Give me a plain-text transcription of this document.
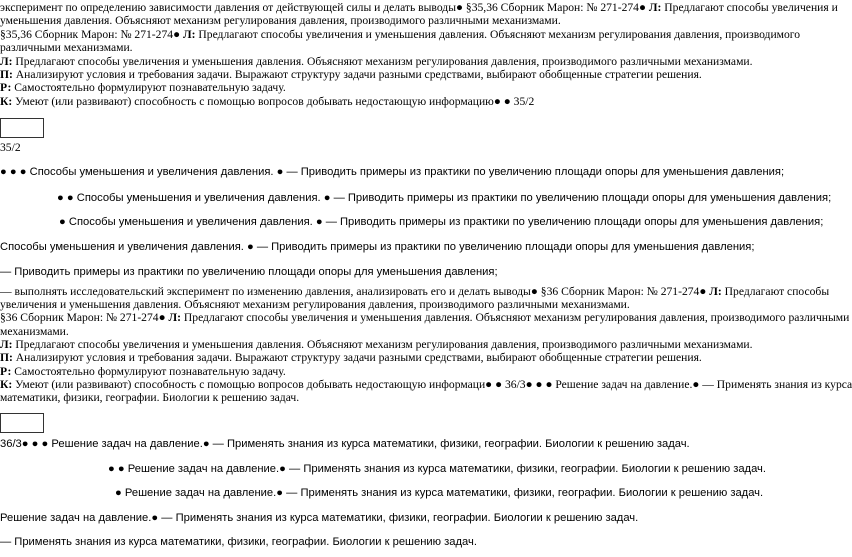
эксперимент по определению зависимости давления от действующей силы и делать выводы● §35,36 Сборник Марон: № 271-274● Л: Предлагают способы увеличения и
уменьшения давления. Объясняют механизм регулирования давления, производимого различными механизмами.
§35,36 Сборник Марон: № 271-274● Л: Предлагают способы увеличения и уменьшения давления. Объясняют механизм регулирования давления, производимого
различными механизмами.
Л: Предлагают способы увеличения и уменьшения давления. Объясняют механизм регулирования давления, производимого различными механизмами.
П: Анализируют условия и требования задачи. Выражают структуру задачи разными средствами, выбирают обобщенные стратегии решения.
Р: Самостоятельно формулируют познавательную задачу.
К: Умеют (или развивают) способность с помощью вопросов добывать недостающую информацию● ● 35/2
35/2
● ● ● Способы уменьшения и увеличения давления. ● — Приводить примеры из практики по увеличению площади опоры для уменьшения давления;
● ● Способы уменьшения и увеличения давления. ● — Приводить примеры из практики по увеличению площади опоры для уменьшения давления;
● Способы уменьшения и увеличения давления. ● — Приводить примеры из практики по увеличению площади опоры для уменьшения давления;
Способы уменьшения и увеличения давления. ● — Приводить примеры из практики по увеличению площади опоры для уменьшения давления;
— Приводить примеры из практики по увеличению площади опоры для уменьшения давления;
— выполнять исследовательский эксперимент по изменению давления, анализировать его и делать выводы● §36 Сборник Марон: № 271-274● Л: Предлагают способы
увеличения и уменьшения давления. Объясняют механизм регулирования давления, производимого различными механизмами.
§36 Сборник Марон: № 271-274● Л: Предлагают способы увеличения и уменьшения давления. Объясняют механизм регулирования давления, производимого различными
механизмами.
Л: Предлагают способы увеличения и уменьшения давления. Объясняют механизм регулирования давления, производимого различными механизмами.
П: Анализируют условия и требования задачи. Выражают структуру задачи разными средствами, выбирают обобщенные стратегии решения.
Р: Самостоятельно формулируют познавательную задачу.
К: Умеют (или развивают) способность с помощью вопросов добывать недостающую информаци● ● 36/3● ● ● Решение задач на давление.● — Применять знания из курса
математики, физики, географии. Биологии к решению задач.
36/3● ● ● Решение задач на давление.● — Применять знания из курса математики, физики, географии. Биологии к решению задач.
● ● Решение задач на давление.● — Применять знания из курса математики, физики, географии. Биологии к решению задач.
● Решение задач на давление.● — Применять знания из курса математики, физики, географии. Биологии к решению задач.
Решение задач на давление.● — Применять знания из курса математики, физики, географии. Биологии к решению задач.
— Применять знания из курса математики, физики, географии. Биологии к решению задач.
